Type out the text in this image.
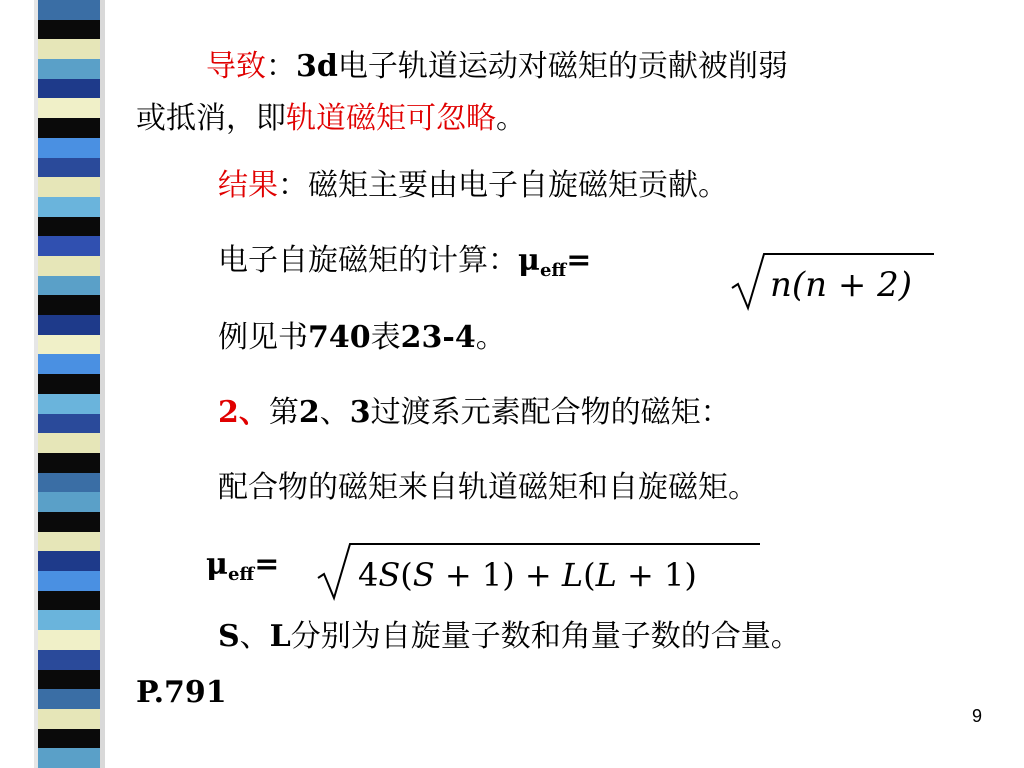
导致：3d电子轨道运动对磁矩的贡献被削弱
或抵消，即轨道磁矩可忽略。
结果：磁矩主要由电子自旋磁矩贡献。
电子自旋磁矩的计算：$\mu_{eff}=$
n(n + 2)
例见书740表23-4。
2、第2、3过渡系元素配合物的磁矩：
配合物的磁矩来自轨道磁矩和自旋磁矩。
$\mu_{eff}= 4S(S + 1) + L(L + 1)$
S、L分别为自旋量子数和角量子数的合量。
P.791
9
